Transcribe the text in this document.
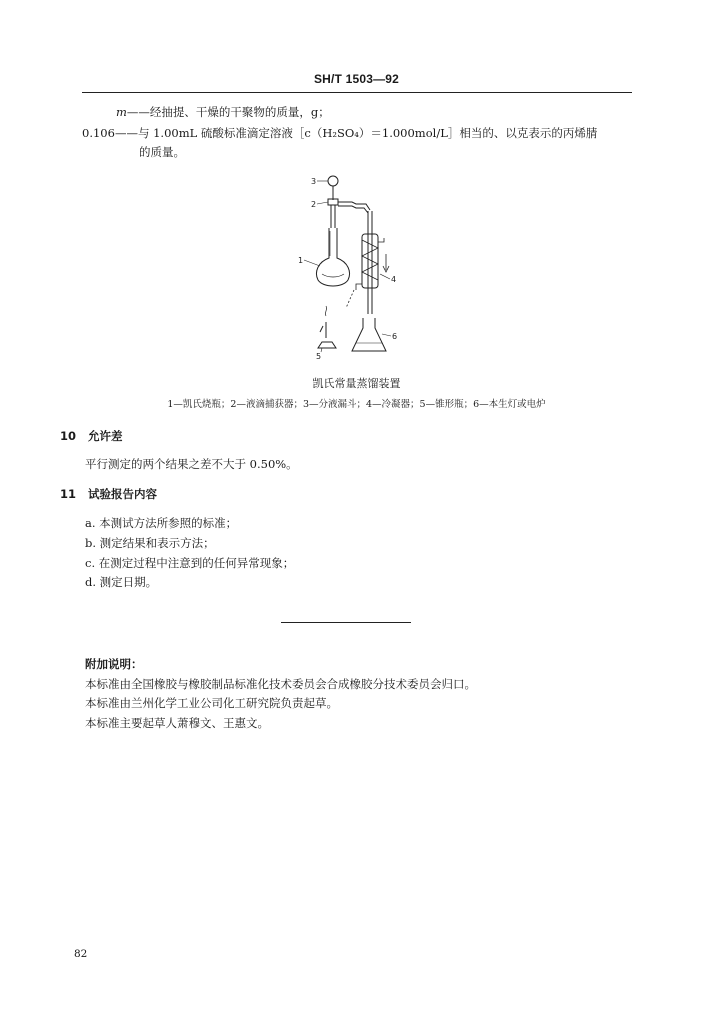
SH/T 1503—92
m——经抽提、干燥的干聚物的质量，g；
0.106——与 1.00mL 硫酸标准滴定溶液［c（H₂SO₄）＝1.000mol/L］相当的、以克表示的丙烯腈
的质量。
3
2
1
4
6
5
凯氏常量蒸馏装置
1—凯氏烧瓶；2—液滴捕获器；3—分液漏斗；4—冷凝器；5—锥形瓶；6—本生灯或电炉
10 允许差
平行测定的两个结果之差不大于 0.50%。
11 试验报告内容
a. 本测试方法所参照的标准；
b. 测定结果和表示方法；
c. 在测定过程中注意到的任何异常现象；
d. 测定日期。
附加说明：
本标准由全国橡胶与橡胶制品标准化技术委员会合成橡胶分技术委员会归口。
本标准由兰州化学工业公司化工研究院负责起草。
本标准主要起草人萧穆文、王惠文。
82
